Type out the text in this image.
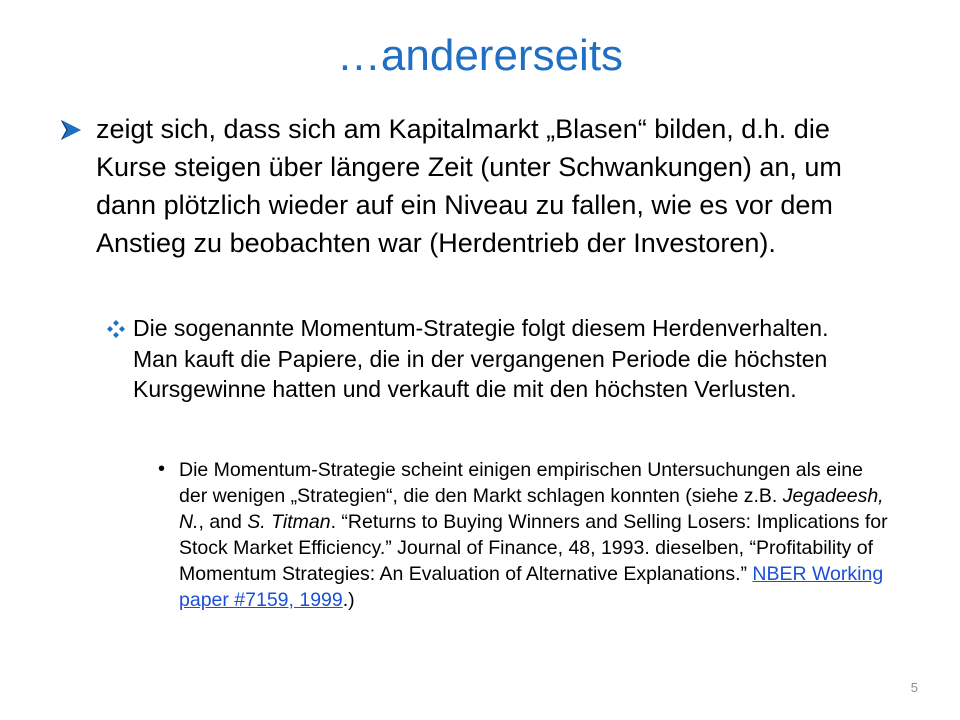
…andererseits
zeigt sich, dass sich am Kapitalmarkt „Blasen“ bilden, d.h. die Kurse steigen über längere Zeit (unter Schwankungen) an, um dann plötzlich wieder auf ein Niveau zu fallen, wie es vor dem Anstieg zu beobachten war (Herdentrieb der Investoren).
Die sogenannte Momentum-Strategie folgt diesem Herdenverhalten. Man kauft die Papiere, die in der vergangenen Periode die höchsten Kursgewinne hatten und verkauft die mit den höchsten Verlusten.
• Die Momentum-Strategie scheint einigen empirischen Untersuchungen als eine der wenigen „Strategien“, die den Markt schlagen konnten (siehe z.B. Jegadeesh, N., and S. Titman. “Returns to Buying Winners and Selling Losers: Implications for Stock Market Efficiency.” Journal of Finance, 48, 1993. dieselben, “Profitability of Momentum Strategies: An Evaluation of Alternative Explanations.” NBER Working paper #7159, 1999.)
5
